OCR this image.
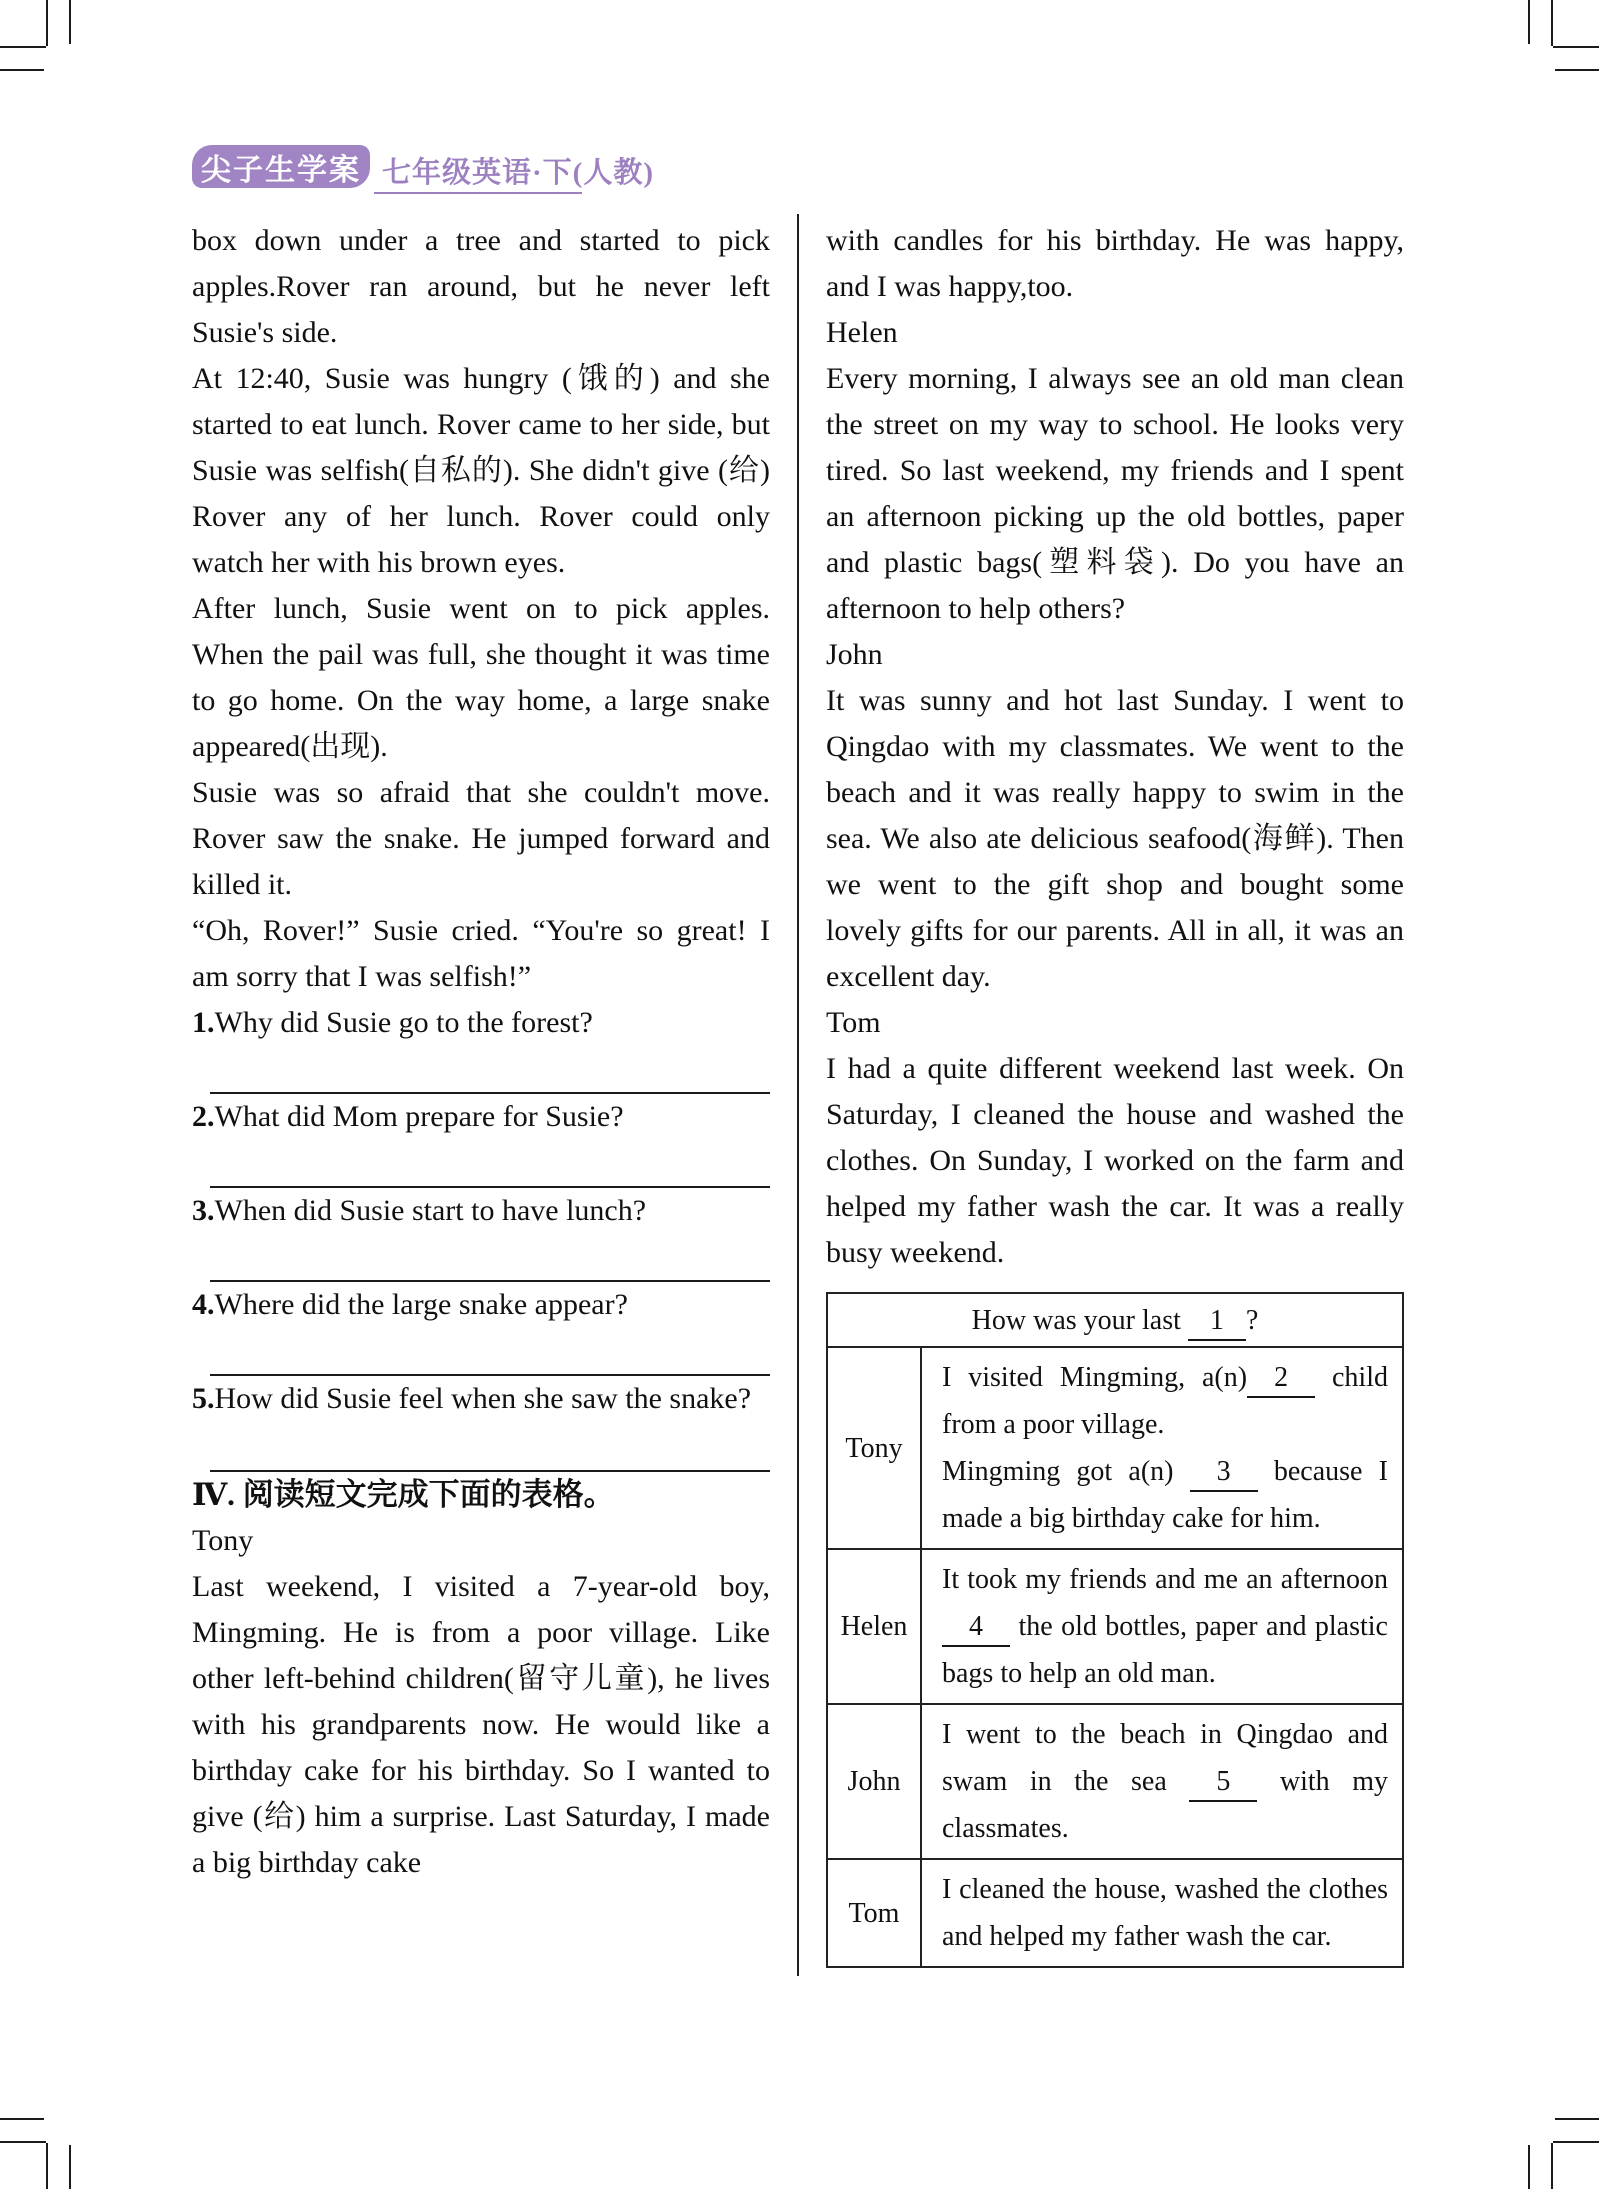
尖子生学案 七年级英语·下(人教)

box down under a tree and started to pick apples.Rover ran around, but he never left Susie's side.

At 12:40, Susie was hungry (饿的) and she started to eat lunch. Rover came to her side, but Susie was selfish(自私的). She didn't give (给) Rover any of her lunch. Rover could only watch her with his brown eyes.

After lunch, Susie went on to pick apples. When the pail was full, she thought it was time to go home. On the way home, a large snake appeared(出现).

Susie was so afraid that she couldn't move. Rover saw the snake. He jumped forward and killed it.

“Oh, Rover!” Susie cried. “You're so great! I am sorry that I was selfish!”

1.Why did Susie go to the forest?
2.What did Mom prepare for Susie?
3.When did Susie start to have lunch?
4.Where did the large snake appear?
5.How did Susie feel when she saw the snake?
Ⅳ. 阅读短文完成下面的表格。

Tony

Last weekend, I visited a 7-year-old boy, Mingming. He is from a poor village. Like other left-behind children(留守儿童), he lives with his grandparents now. He would like a birthday cake for his birthday. So I wanted to give (给) him a surprise. Last Saturday, I made a big birthday cake

with candles for his birthday. He was happy, and I was happy,too.

Helen

Every morning, I always see an old man clean the street on my way to school. He looks very tired. So last weekend, my friends and I spent an afternoon picking up the old bottles, paper and plastic bags(塑料袋). Do you have an afternoon to help others?

John

It was sunny and hot last Sunday. I went to Qingdao with my classmates. We went to the beach and it was really happy to swim in the sea. We also ate delicious seafood(海鲜). Then we went to the gift shop and bought some lovely gifts for our parents. All in all, it was an excellent day.

Tom

I had a quite different weekend last week. On Saturday, I cleaned the house and washed the clothes. On Sunday, I worked on the farm and helped my father wash the car. It was a really busy weekend.

How was your last 1 ?	
Tony	I visited Mingming, a(n) 2 child from a poor village.
Mingming got a(n) 3 because I made a big birthday cake for him.

Helen	It took my friends and me an afternoon 4 the old bottles, paper and plastic bags to help an old man.
John	I went to the beach in Qingdao and swam in the sea 5 with my classmates.
Tom	I cleaned the house, washed the clothes and helped my father wash the car.
